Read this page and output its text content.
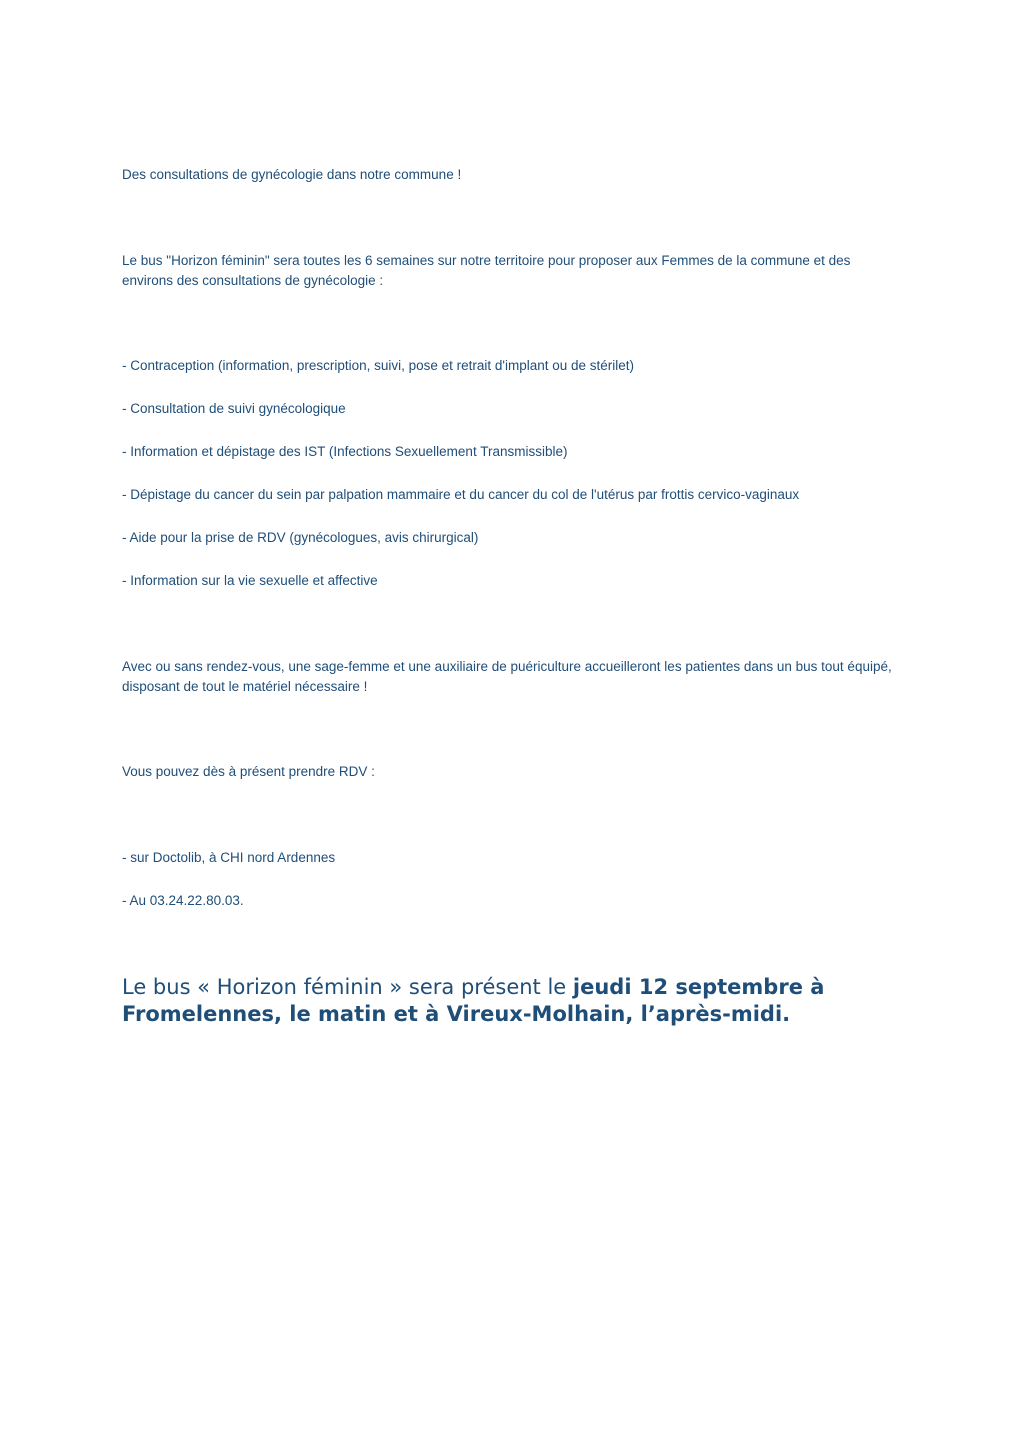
Des consultations de gynécologie dans notre commune !

Le bus "Horizon féminin" sera toutes les 6 semaines sur notre territoire pour proposer aux Femmes de la commune et des environs des consultations de gynécologie :

- Contraception (information, prescription, suivi, pose et retrait d'implant ou de stérilet)

- Consultation de suivi gynécologique

- Information et dépistage des IST (Infections Sexuellement Transmissible)

- Dépistage du cancer du sein par palpation mammaire et du cancer du col de l'utérus par frottis cervico-vaginaux

- Aide pour la prise de RDV (gynécologues, avis chirurgical)

- Information sur la vie sexuelle et affective

Avec ou sans rendez-vous, une sage-femme et une auxiliaire de puériculture accueilleront les patientes dans un bus tout équipé, disposant de tout le matériel nécessaire !

Vous pouvez dès à présent prendre RDV :

- sur Doctolib, à CHI nord Ardennes

- Au 03.24.22.80.03.

Le bus « Horizon féminin » sera présent le jeudi 12 septembre à Fromelennes, le matin et à Vireux-Molhain, l’après-midi.
